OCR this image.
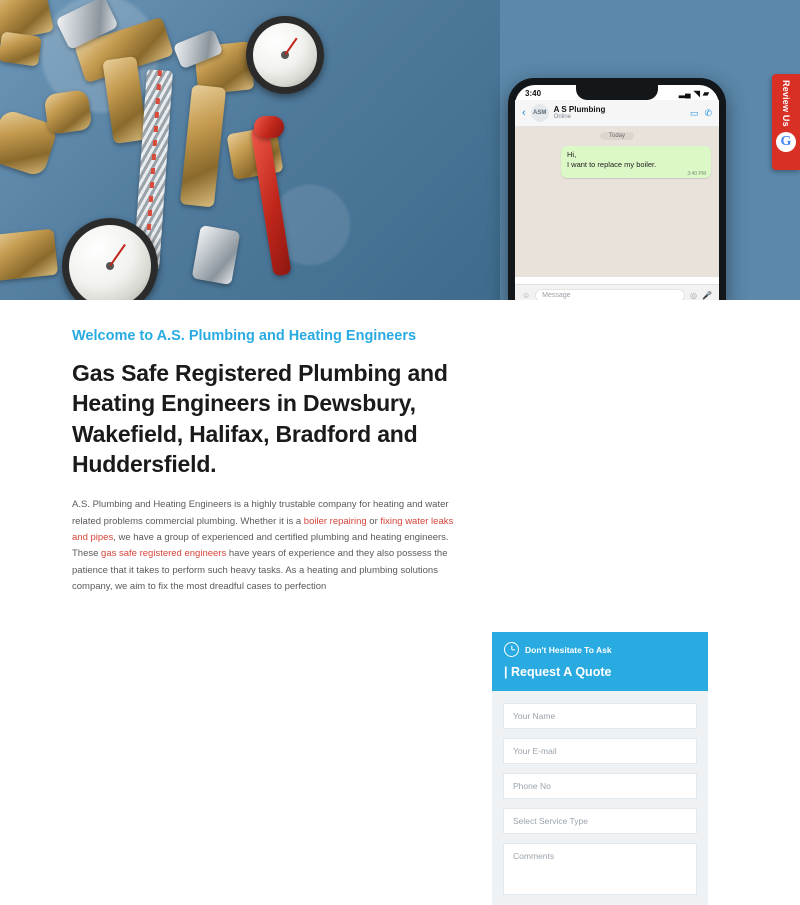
3:40	▂▄ ◥ ▰
‹	ASM A S Plumbing
Online	▭ ✆
Today
Hi,
I want to replace my boiler.
3:40 PM
☺	Message	◎ 🎤
Review Us
G
Welcome to A.S. Plumbing and Heating Engineers
Gas Safe Registered Plumbing and Heating Engineers in Dewsbury, Wakefield, Halifax, Bradford and Huddersfield.

A.S. Plumbing and Heating Engineers is a highly trustable company for heating and water related problems commercial plumbing. Whether it is a boiler repairing or fixing water leaks and pipes, we have a group of experienced and certified plumbing and heating engineers. These gas safe registered engineers have years of experience and they also possess the patience that it takes to perform such heavy tasks. As a heating and plumbing solutions company, we aim to fix the most dreadful cases to perfection

Don't Hesitate To Ask
| Request A Quote
Your Name
Your E-mail
Phone No
Select Service Type
Comments
